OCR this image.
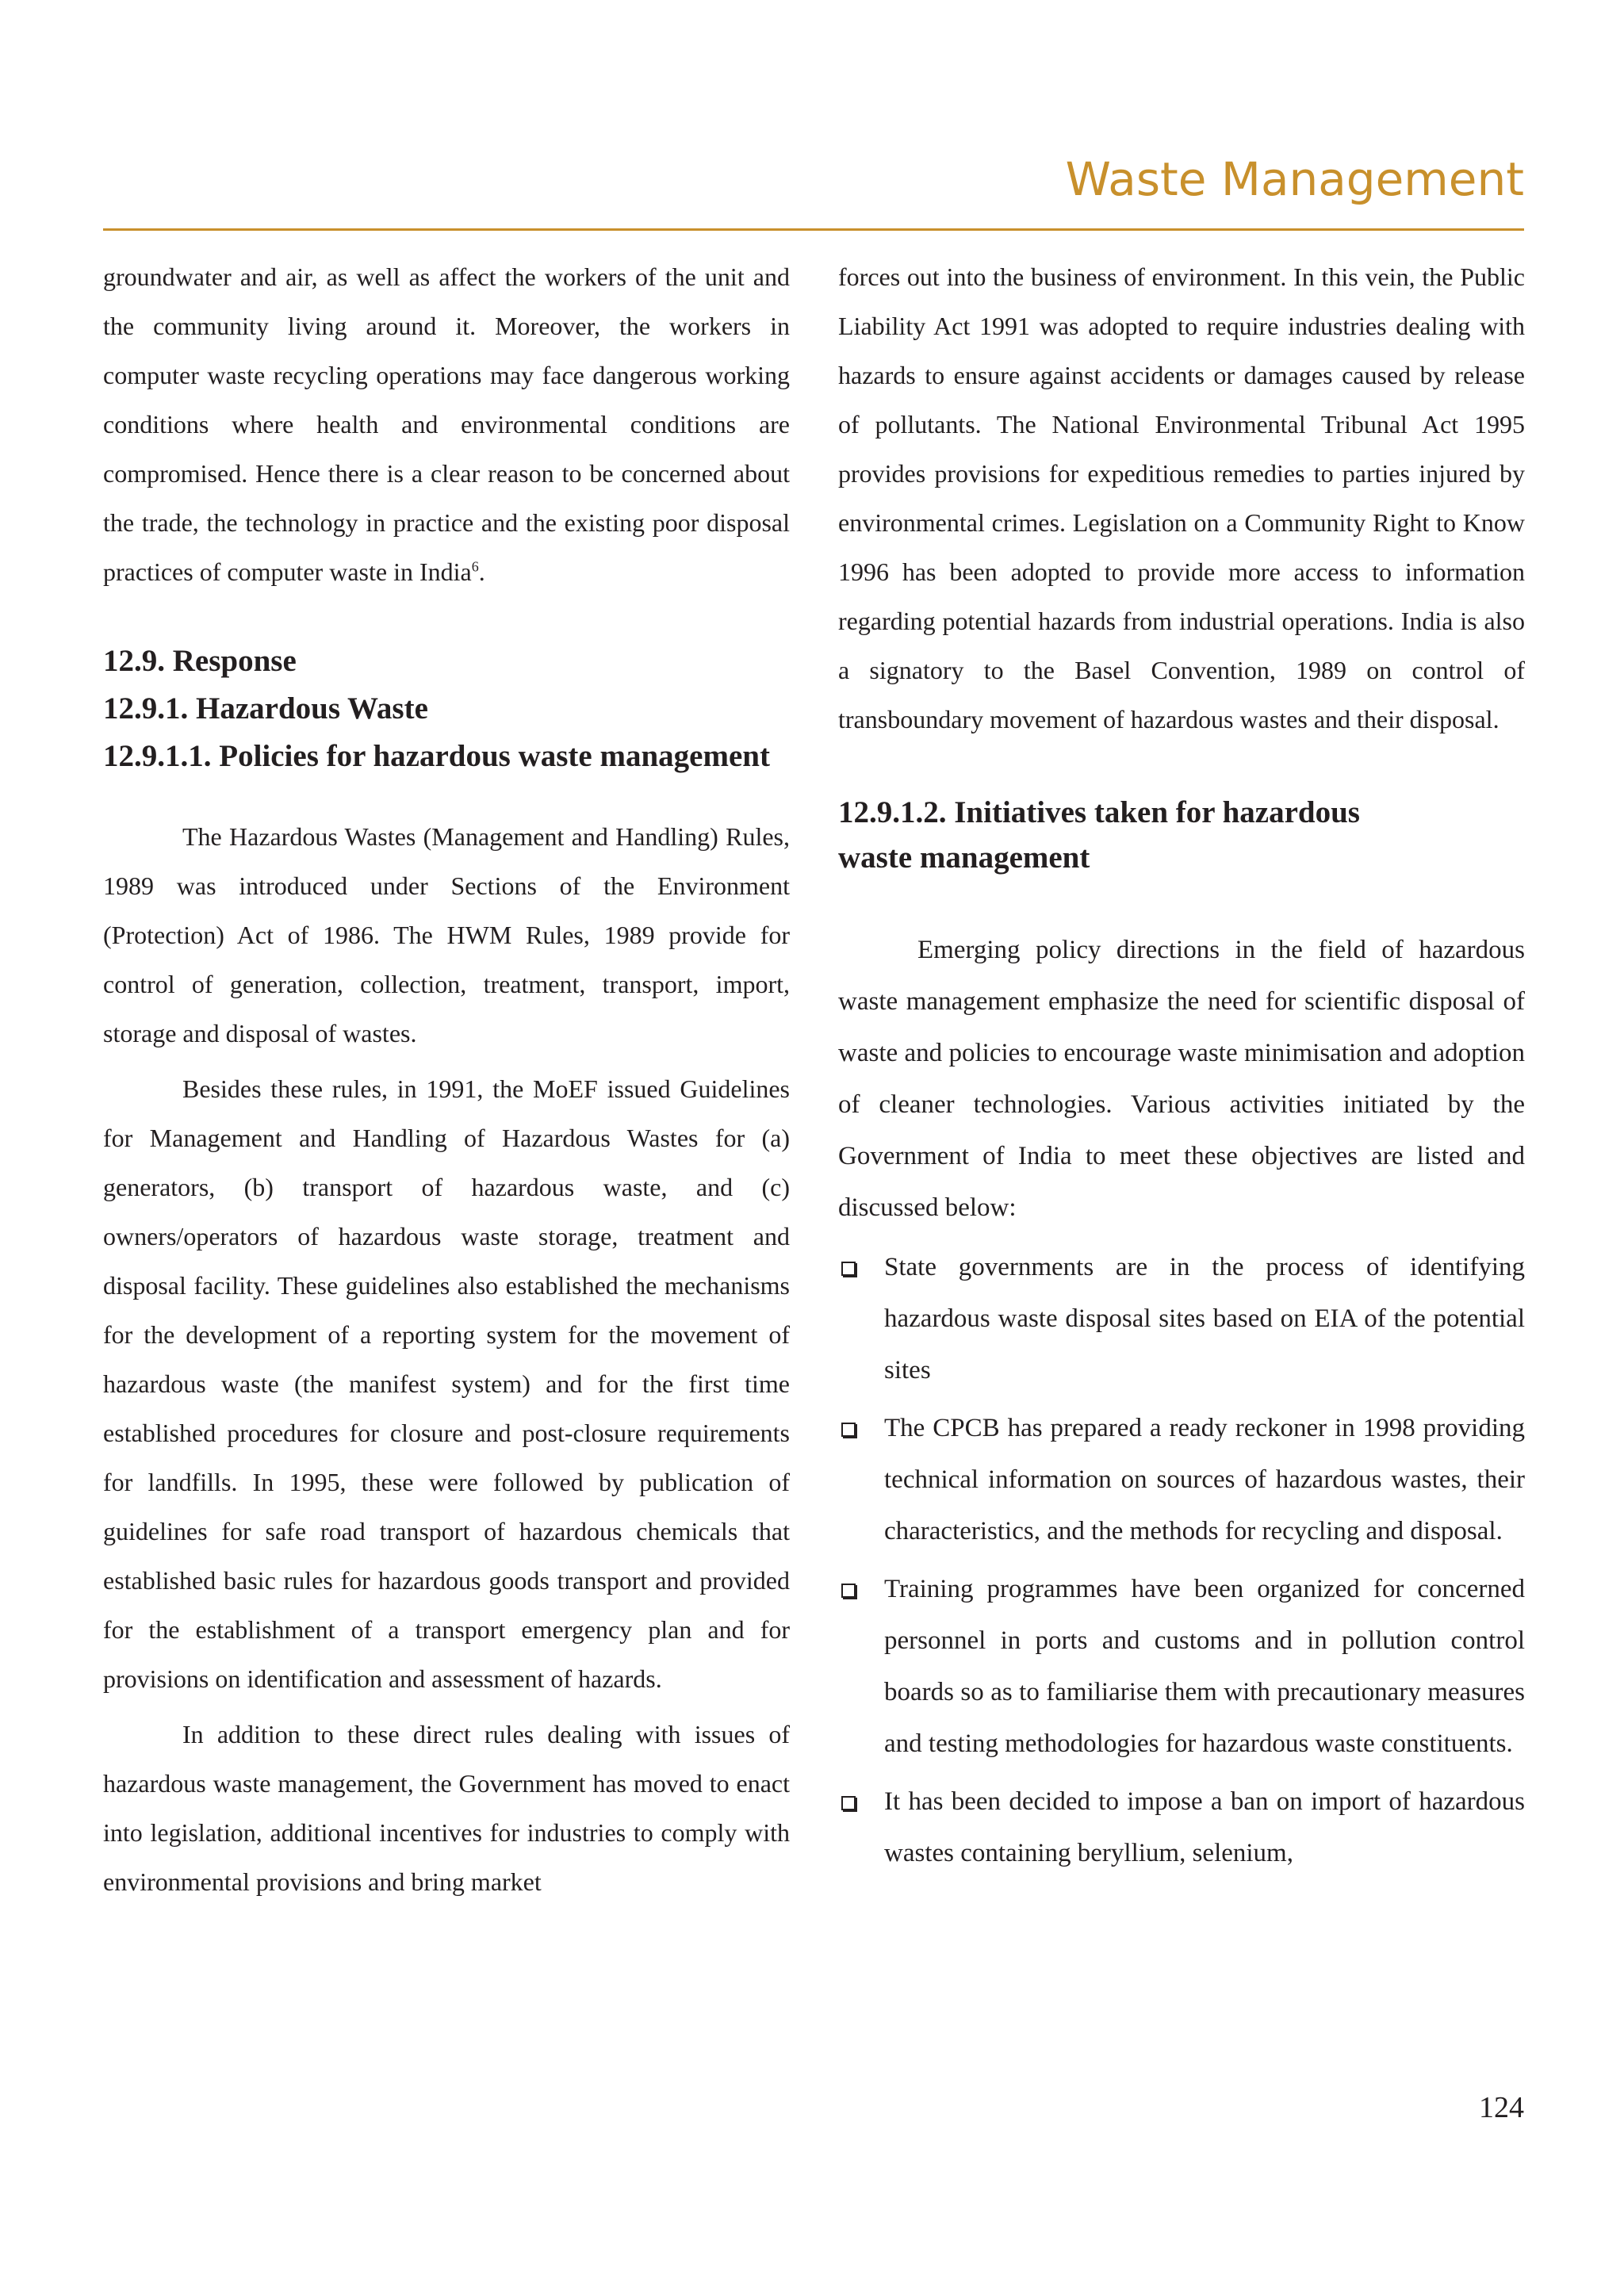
Waste Management

groundwater and air, as well as affect the workers of the unit and the community living around it. Moreover, the workers in computer waste recycling operations may face dangerous working conditions where health and environmental conditions are compromised. Hence there is a clear reason to be concerned about the trade, the technology in practice and the existing poor disposal practices of computer waste in India$^6$.

12.9. Response
12.9.1. Hazardous Waste
12.9.1.1. Policies for hazardous waste management

The Hazardous Wastes (Management and Handling) Rules, 1989 was introduced under Sections of the Environment (Protection) Act of 1986. The HWM Rules, 1989 provide for control of generation, collection, treatment, transport, import, storage and disposal of wastes.

Besides these rules, in 1991, the MoEF issued Guidelines for Management and Handling of Hazardous Wastes for (a) generators, (b) transport of hazardous waste, and (c) owners/operators of hazardous waste storage, treatment and disposal facility. These guidelines also established the mechanisms for the development of a reporting system for the movement of hazardous waste (the manifest system) and for the first time established procedures for closure and post-closure requirements for landfills. In 1995, these were followed by publication of guidelines for safe road transport of hazardous chemicals that established basic rules for hazardous goods transport and provided for the establishment of a transport emergency plan and for provisions on identification and assessment of hazards.

In addition to these direct rules dealing with issues of hazardous waste management, the Government has moved to enact into legislation, additional incentives for industries to comply with environmental provisions and bring market

forces out into the business of environment. In this vein, the Public Liability Act 1991 was adopted to require industries dealing with hazards to ensure against accidents or damages caused by release of pollutants. The National Environmental Tribunal Act 1995 provides provisions for expeditious remedies to parties injured by environmental crimes. Legislation on a Community Right to Know 1996 has been adopted to provide more access to information regarding potential hazards from industrial operations. India is also a signatory to the Basel Convention, 1989 on control of transboundary movement of hazardous wastes and their disposal.

12.9.1.2. Initiatives taken for hazardous
waste management

Emerging policy directions in the field of hazardous waste management emphasize the need for scientific disposal of waste and policies to encourage waste minimisation and adoption of cleaner technologies. Various activities initiated by the Government of India to meet these objectives are listed and discussed below:

State governments are in the process of identifying hazardous waste disposal sites based on EIA of the potential sites
The CPCB has prepared a ready reckoner in 1998 providing technical information on sources of hazardous wastes, their characteristics, and the methods for recycling and disposal.
Training programmes have been organized for concerned personnel in ports and customs and in pollution control boards so as to familiarise them with precautionary measures and testing methodologies for hazardous waste constituents.
It has been decided to impose a ban on import of hazardous wastes containing beryllium, selenium,
124
